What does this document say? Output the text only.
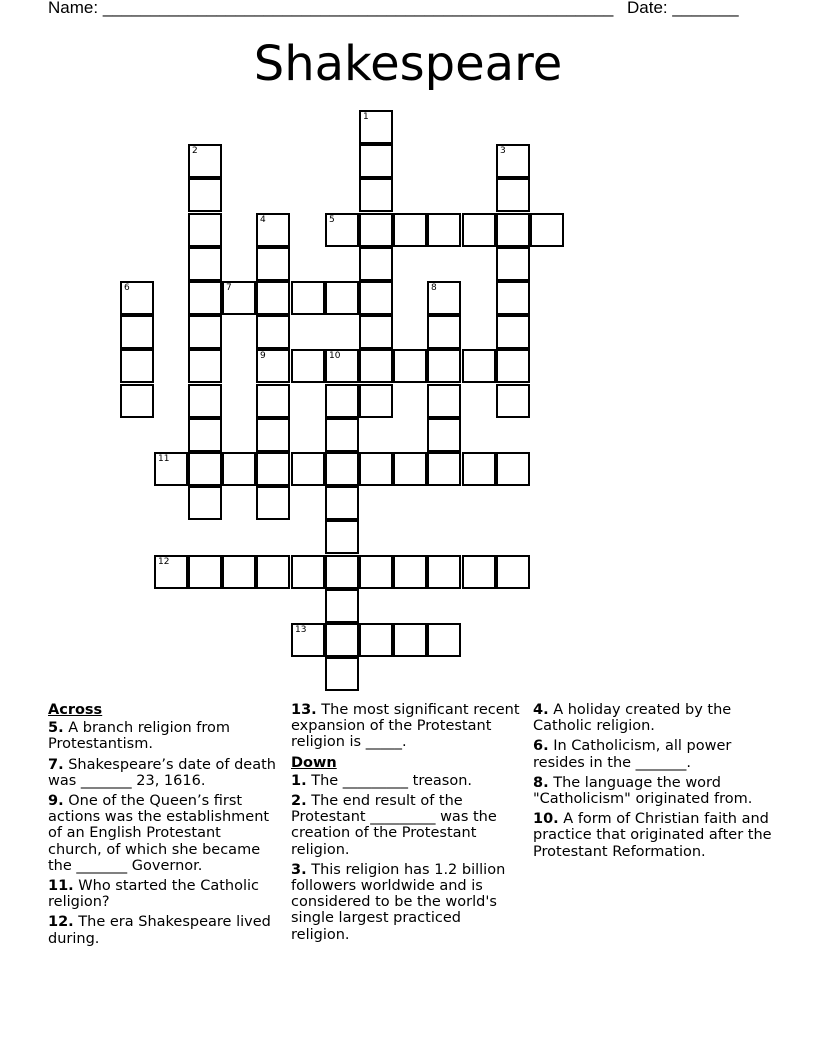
Name: ______________________________________________________ Date: _______
Shakespeare
1
2	3
4
9
5
6	7	8
10
11
12
13
Across

5. A branch religion from Protestantism.

7. Shakespeare’s date of death was _______ 23, 1616.

9. One of the Queen’s first actions was the establishment of an English Protestant church, of which she became the _______ Governor.

11. Who started the Catholic religion?

12. The era Shakespeare lived during.

13. The most significant recent expansion of the Protestant religion is _____.

Down

1. The _________ treason.

2. The end result of the Protestant _________ was the creation of the Protestant religion.

3. This religion has 1.2 billion followers worldwide and is considered to be the world's single largest practiced religion.

4. A holiday created by the Catholic religion.

6. In Catholicism, all power resides in the _______.

8. The language the word "Catholicism" originated from.

10. A form of Christian faith and practice that originated after the Protestant Reformation.
